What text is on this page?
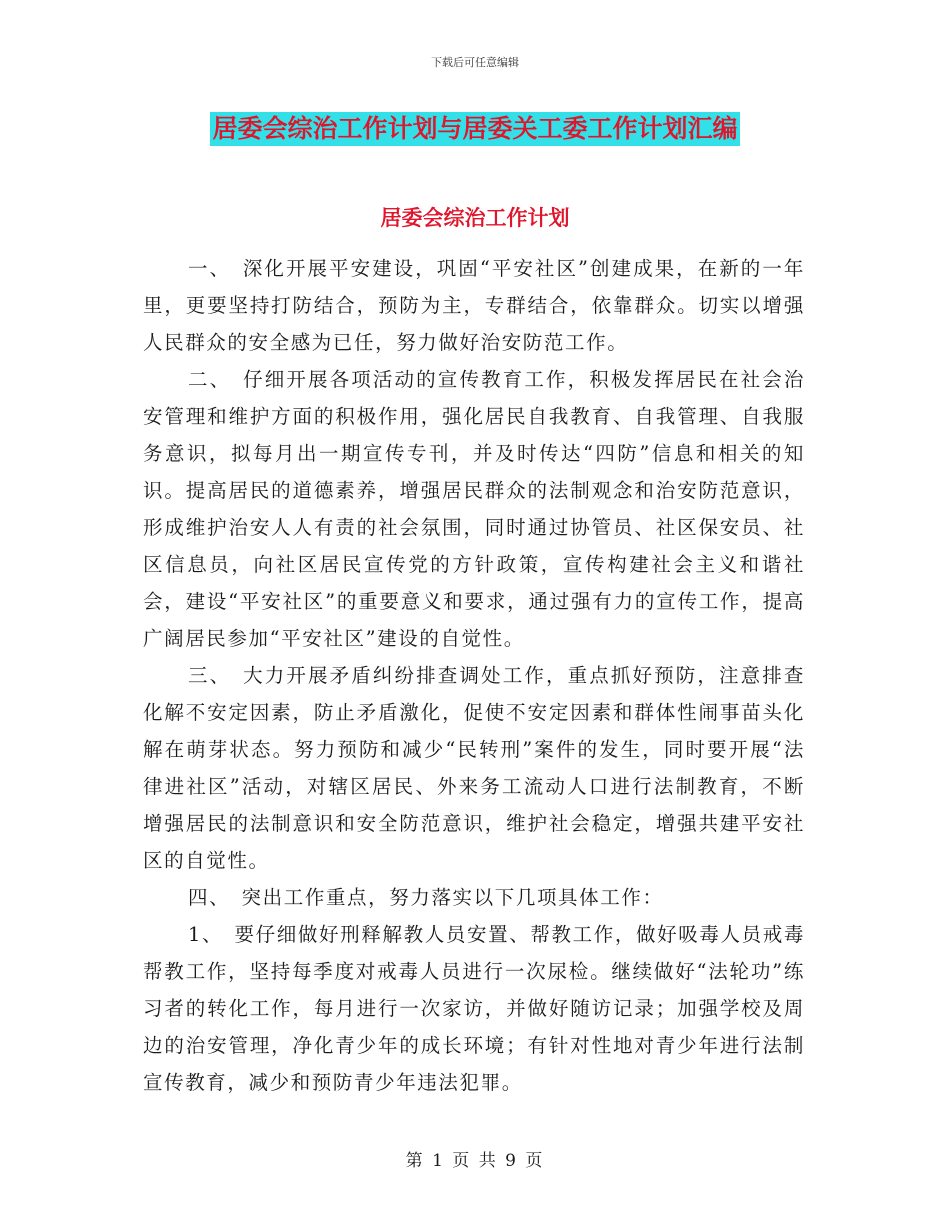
下载后可任意编辑
居委会综治工作计划与居委关工委工作计划汇编
居委会综治工作计划

一、　深化开展平安建设，巩固“平安社区”创建成果，在新的一年里，更要坚持打防结合，预防为主，专群结合，依靠群众。切实以增强人民群众的安全感为已任，努力做好治安防范工作。

二、　仔细开展各项活动的宣传教育工作，积极发挥居民在社会治安管理和维护方面的积极作用，强化居民自我教育、自我管理、自我服务意识，拟每月出一期宣传专刊，并及时传达“四防”信息和相关的知识。提高居民的道德素养，增强居民群众的法制观念和治安防范意识，形成维护治安人人有责的社会氛围，同时通过协管员、社区保安员、社区信息员，向社区居民宣传党的方针政策，宣传构建社会主义和谐社会，建设“平安社区”的重要意义和要求，通过强有力的宣传工作，提高广阔居民参加“平安社区”建设的自觉性。

三、　大力开展矛盾纠纷排查调处工作，重点抓好预防，注意排查化解不安定因素，防止矛盾激化，促使不安定因素和群体性闹事苗头化解在萌芽状态。努力预防和减少“民转刑”案件的发生，同时要开展“法律进社区”活动，对辖区居民、外来务工流动人口进行法制教育，不断增强居民的法制意识和安全防范意识，维护社会稳定，增强共建平安社区的自觉性。

四、　突出工作重点，努力落实以下几项具体工作：

1、　要仔细做好刑释解教人员安置、帮教工作，做好吸毒人员戒毒帮教工作，坚持每季度对戒毒人员进行一次尿检。继续做好“法轮功”练习者的转化工作，每月进行一次家访，并做好随访记录；加强学校及周边的治安管理，净化青少年的成长环境；有针对性地对青少年进行法制宣传教育，减少和预防青少年违法犯罪。

第 1 页 共 9 页
